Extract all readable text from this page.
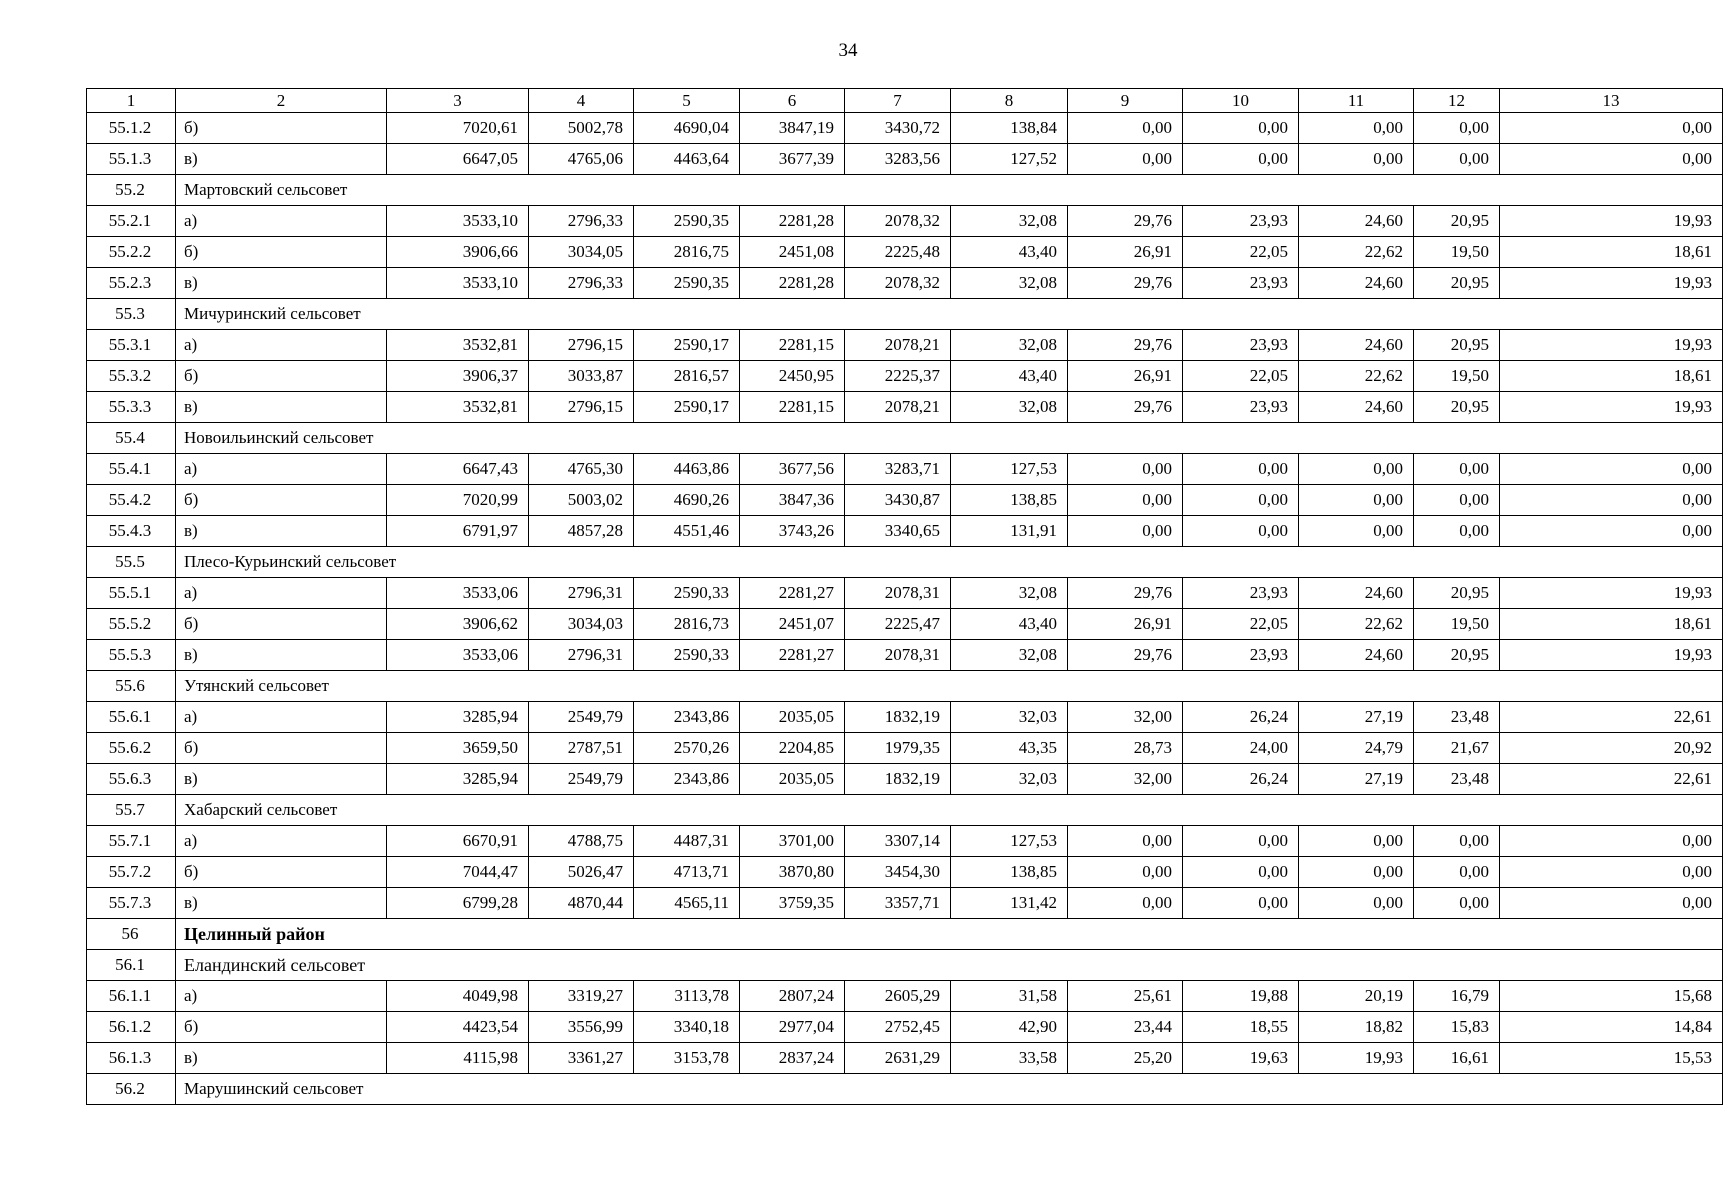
34
1	2	3	4	5	6	7	8	9	10	11	12	13
55.1.2	б)	7020,61	5002,78	4690,04	3847,19	3430,72	138,84	0,00	0,00	0,00	0,00	0,00
55.1.3	в)	6647,05	4765,06	4463,64	3677,39	3283,56	127,52	0,00	0,00	0,00	0,00	0,00
55.2	Мартовский сельсовет											
55.2.1	а)	3533,10	2796,33	2590,35	2281,28	2078,32	32,08	29,76	23,93	24,60	20,95	19,93
55.2.2	б)	3906,66	3034,05	2816,75	2451,08	2225,48	43,40	26,91	22,05	22,62	19,50	18,61
55.2.3	в)	3533,10	2796,33	2590,35	2281,28	2078,32	32,08	29,76	23,93	24,60	20,95	19,93
55.3	Мичуринский сельсовет											
55.3.1	а)	3532,81	2796,15	2590,17	2281,15	2078,21	32,08	29,76	23,93	24,60	20,95	19,93
55.3.2	б)	3906,37	3033,87	2816,57	2450,95	2225,37	43,40	26,91	22,05	22,62	19,50	18,61
55.3.3	в)	3532,81	2796,15	2590,17	2281,15	2078,21	32,08	29,76	23,93	24,60	20,95	19,93
55.4	Новоильинский сельсовет											
55.4.1	а)	6647,43	4765,30	4463,86	3677,56	3283,71	127,53	0,00	0,00	0,00	0,00	0,00
55.4.2	б)	7020,99	5003,02	4690,26	3847,36	3430,87	138,85	0,00	0,00	0,00	0,00	0,00
55.4.3	в)	6791,97	4857,28	4551,46	3743,26	3340,65	131,91	0,00	0,00	0,00	0,00	0,00
55.5	Плесо-Курьинский сельсовет											
55.5.1	а)	3533,06	2796,31	2590,33	2281,27	2078,31	32,08	29,76	23,93	24,60	20,95	19,93
55.5.2	б)	3906,62	3034,03	2816,73	2451,07	2225,47	43,40	26,91	22,05	22,62	19,50	18,61
55.5.3	в)	3533,06	2796,31	2590,33	2281,27	2078,31	32,08	29,76	23,93	24,60	20,95	19,93
55.6	Утянский сельсовет											
55.6.1	а)	3285,94	2549,79	2343,86	2035,05	1832,19	32,03	32,00	26,24	27,19	23,48	22,61
55.6.2	б)	3659,50	2787,51	2570,26	2204,85	1979,35	43,35	28,73	24,00	24,79	21,67	20,92
55.6.3	в)	3285,94	2549,79	2343,86	2035,05	1832,19	32,03	32,00	26,24	27,19	23,48	22,61
55.7	Хабарский сельсовет											
55.7.1	а)	6670,91	4788,75	4487,31	3701,00	3307,14	127,53	0,00	0,00	0,00	0,00	0,00
55.7.2	б)	7044,47	5026,47	4713,71	3870,80	3454,30	138,85	0,00	0,00	0,00	0,00	0,00
55.7.3	в)	6799,28	4870,44	4565,11	3759,35	3357,71	131,42	0,00	0,00	0,00	0,00	0,00
56	Целинный район											
56.1	Еландинский сельсовет											
56.1.1	а)	4049,98	3319,27	3113,78	2807,24	2605,29	31,58	25,61	19,88	20,19	16,79	15,68
56.1.2	б)	4423,54	3556,99	3340,18	2977,04	2752,45	42,90	23,44	18,55	18,82	15,83	14,84
56.1.3	в)	4115,98	3361,27	3153,78	2837,24	2631,29	33,58	25,20	19,63	19,93	16,61	15,53
56.2	Марушинский сельсовет											
